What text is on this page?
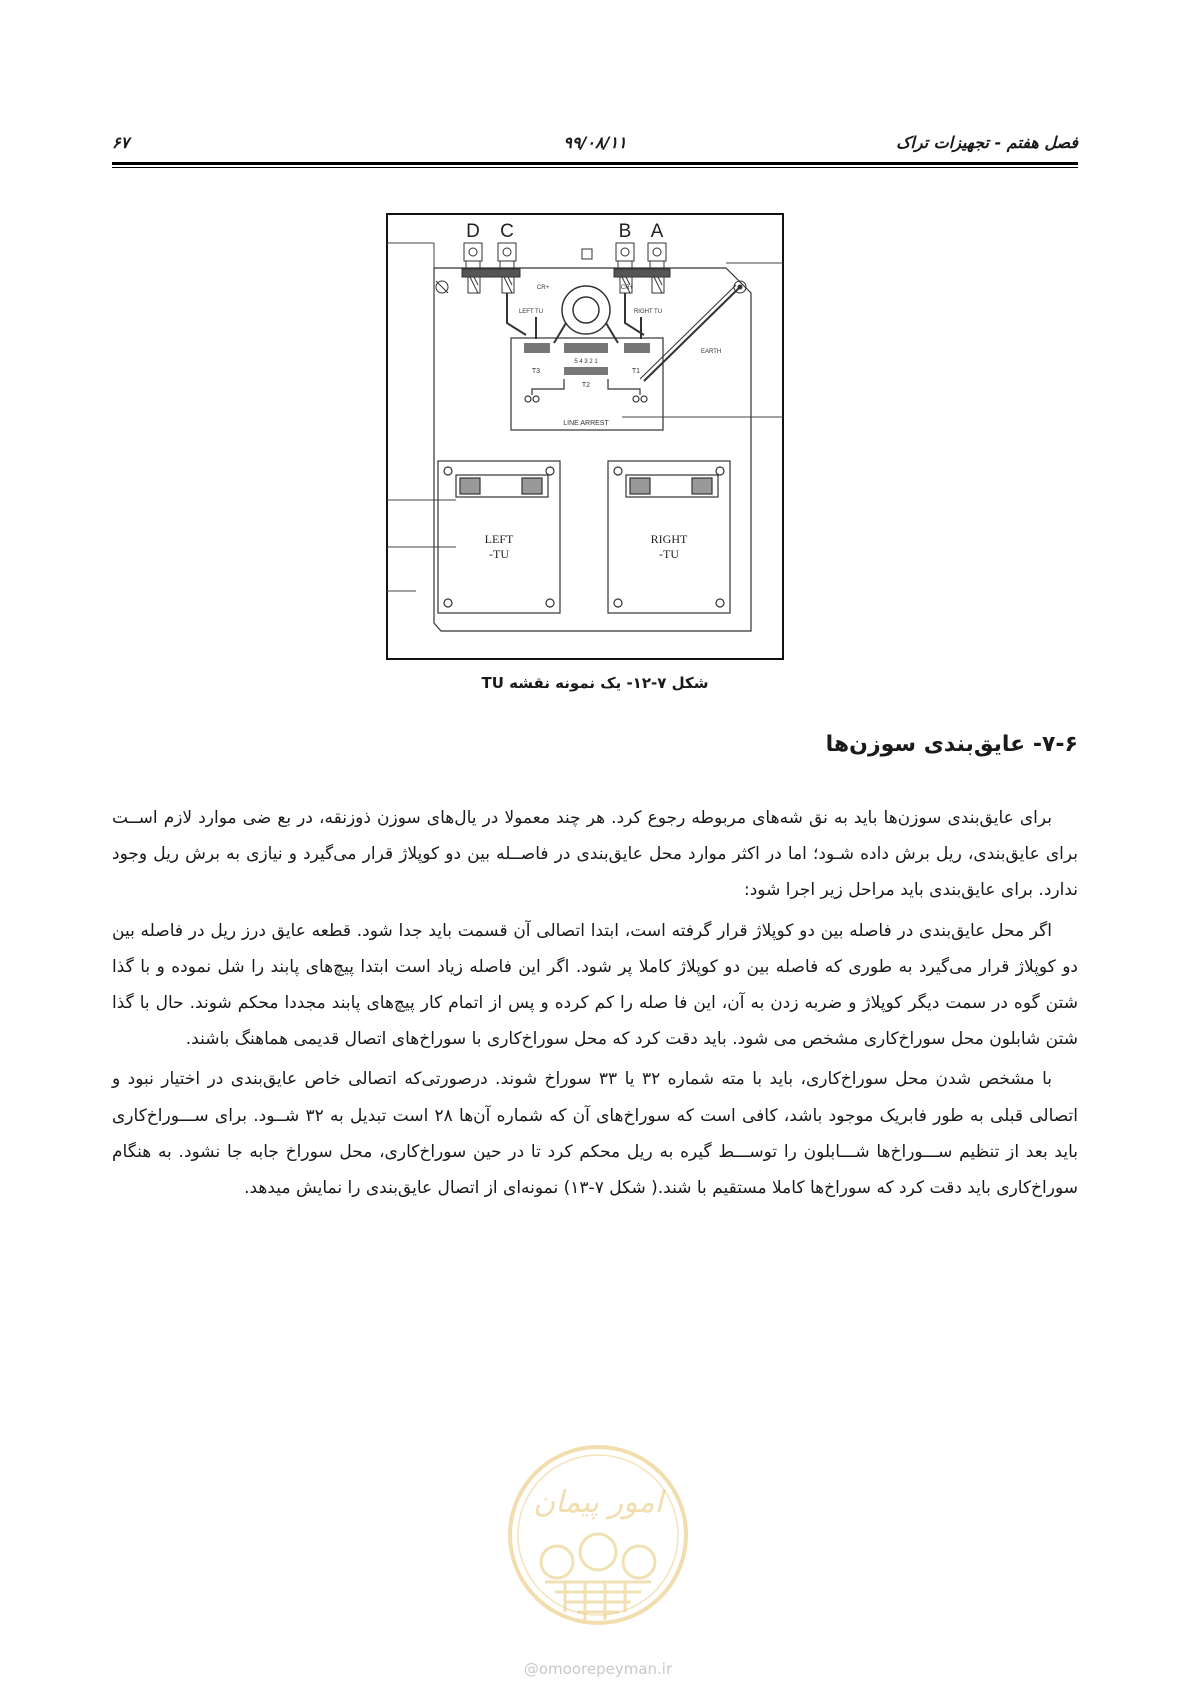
فصل هفتم - تجهیزات تراک
۹۹/۰۸/۱۱
۶۷
D C	B A
CR+	CR+
LEFT TU	RIGHT TU
EARTH
5 4 3 2 1
T3
T2
T1
LINE ARREST
LEFT
-TU
RIGHT
-TU
شکل ۷-۱۲- یک نمونه نقشه TU
۷-۶- عایق‌بندی سوزن‌ها

برای عایق‌بندی سوزن‌ها باید به نق شه‌های مربوطه رجوع کرد. هر چند معمولا در یال‌های سوزن ذوزنقه، در بع ضی موارد لازم اســت برای عایق‌بندی، ریل برش داده شـود؛ اما در اکثر موارد محل عایق‌بندی در فاصــله بین دو کوپلاژ قرار می‌گیرد و نیازی به برش ریل وجود ندارد. برای عایق‌بندی باید مراحل زیر اجرا شود:

اگر محل عایق‌بندی در فاصله بین دو کوپلاژ قرار گرفته است، ابتدا اتصالی آن قسمت باید جدا شود. قطعه عایق درز ریل در فاصله بین دو کوپلاژ قرار می‌گیرد به طوری که فاصله بین دو کوپلاژ کاملا پر شود. اگر این فاصله زیاد است ابتدا پیچ‌های پابند را شل نموده و با گذا شتن گوه در سمت دیگر کوپلاژ و ضربه زدن به آن، این فا صله را کم کرده و پس از اتمام کار پیچ‌های پابند مجددا محکم شوند. حال با گذا شتن شابلون محل سوراخ‌کاری مشخص می شود. باید دقت کرد که محل سوراخ‌کاری با سوراخ‌های اتصال قدیمی هماهنگ باشند.

با مشخص شدن محل سوراخ‌کاری، باید با مته شماره ۳۲ یا ۳۳ سوراخ شوند. درصورتی‌که اتصالی خاص عایق‌بندی در اختیار نبود و اتصالی قبلی به طور فابریک موجود باشد، کافی است که سوراخ‌های آن که شماره آن‌ها ۲۸ است تبدیل به ۳۲ شــود. برای ســـوراخ‌کاری باید بعد از تنظیم ســـوراخ‌ها شـــابلون را توســـط گیره به ریل محکم کرد تا در حین سوراخ‌کاری، محل سوراخ جابه جا نشود. به هنگام سوراخ‌کاری باید دقت کرد که سوراخ‌ها کاملا مستقیم با شند.( شکل ۷-۱۳) نمونه‌ای از اتصال عایق‌بندی را نمایش میدهد.

امور پیمان
@omoorepeyman.ir
